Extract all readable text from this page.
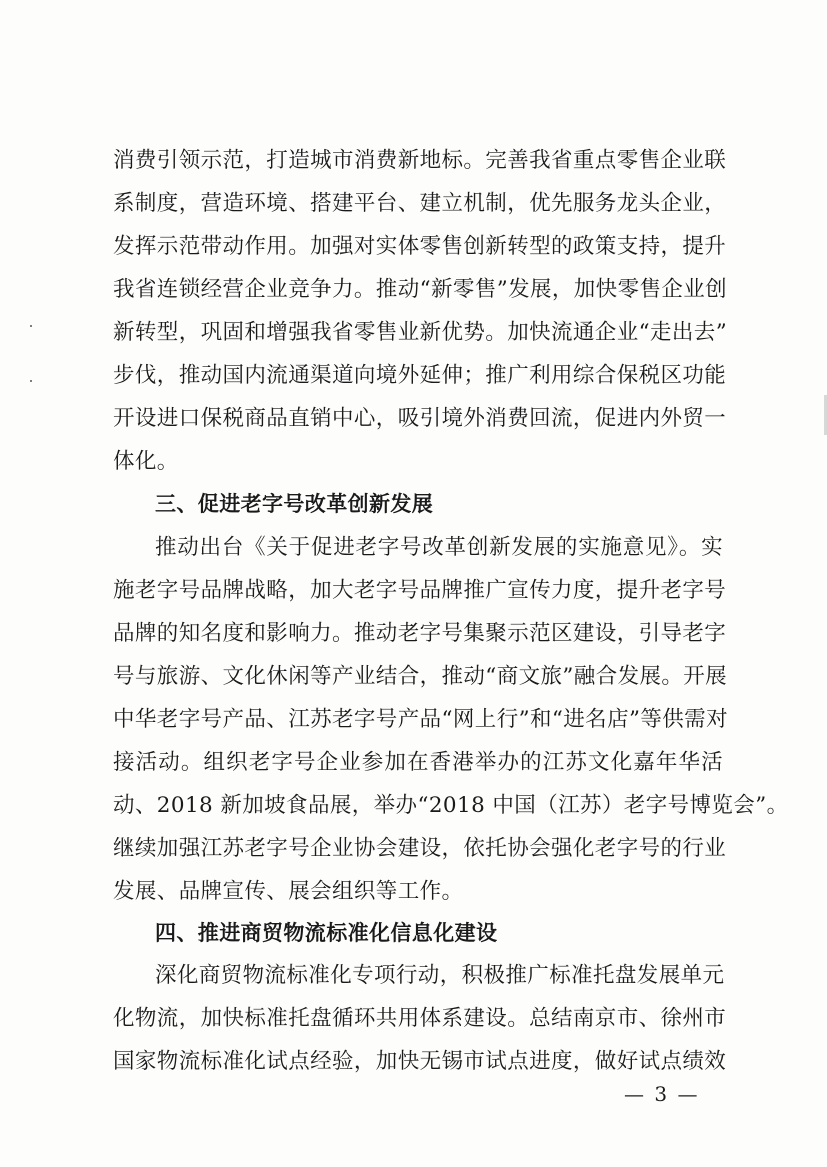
消费引领示范，打造城市消费新地标。完善我省重点零售企业联
系制度，营造环境、搭建平台、建立机制，优先服务龙头企业，
发挥示范带动作用。加强对实体零售创新转型的政策支持，提升
我省连锁经营企业竞争力。推动“新零售”发展，加快零售企业创
新转型，巩固和增强我省零售业新优势。加快流通企业“走出去”
步伐，推动国内流通渠道向境外延伸；推广利用综合保税区功能
开设进口保税商品直销中心，吸引境外消费回流，促进内外贸一
体化。
三、促进老字号改革创新发展
推动出台《关于促进老字号改革创新发展的实施意见》。实
施老字号品牌战略，加大老字号品牌推广宣传力度，提升老字号
品牌的知名度和影响力。推动老字号集聚示范区建设，引导老字
号与旅游、文化休闲等产业结合，推动“商文旅”融合发展。开展
中华老字号产品、江苏老字号产品“网上行”和“进名店”等供需对
接活动。组织老字号企业参加在香港举办的江苏文化嘉年华活
动、2018 新加坡食品展，举办“2018 中国（江苏）老字号博览会”。
继续加强江苏老字号企业协会建设，依托协会强化老字号的行业
发展、品牌宣传、展会组织等工作。
四、推进商贸物流标准化信息化建设
深化商贸物流标准化专项行动，积极推广标准托盘发展单元
化物流，加快标准托盘循环共用体系建设。总结南京市、徐州市
国家物流标准化试点经验，加快无锡市试点进度，做好试点绩效
— 3 —
